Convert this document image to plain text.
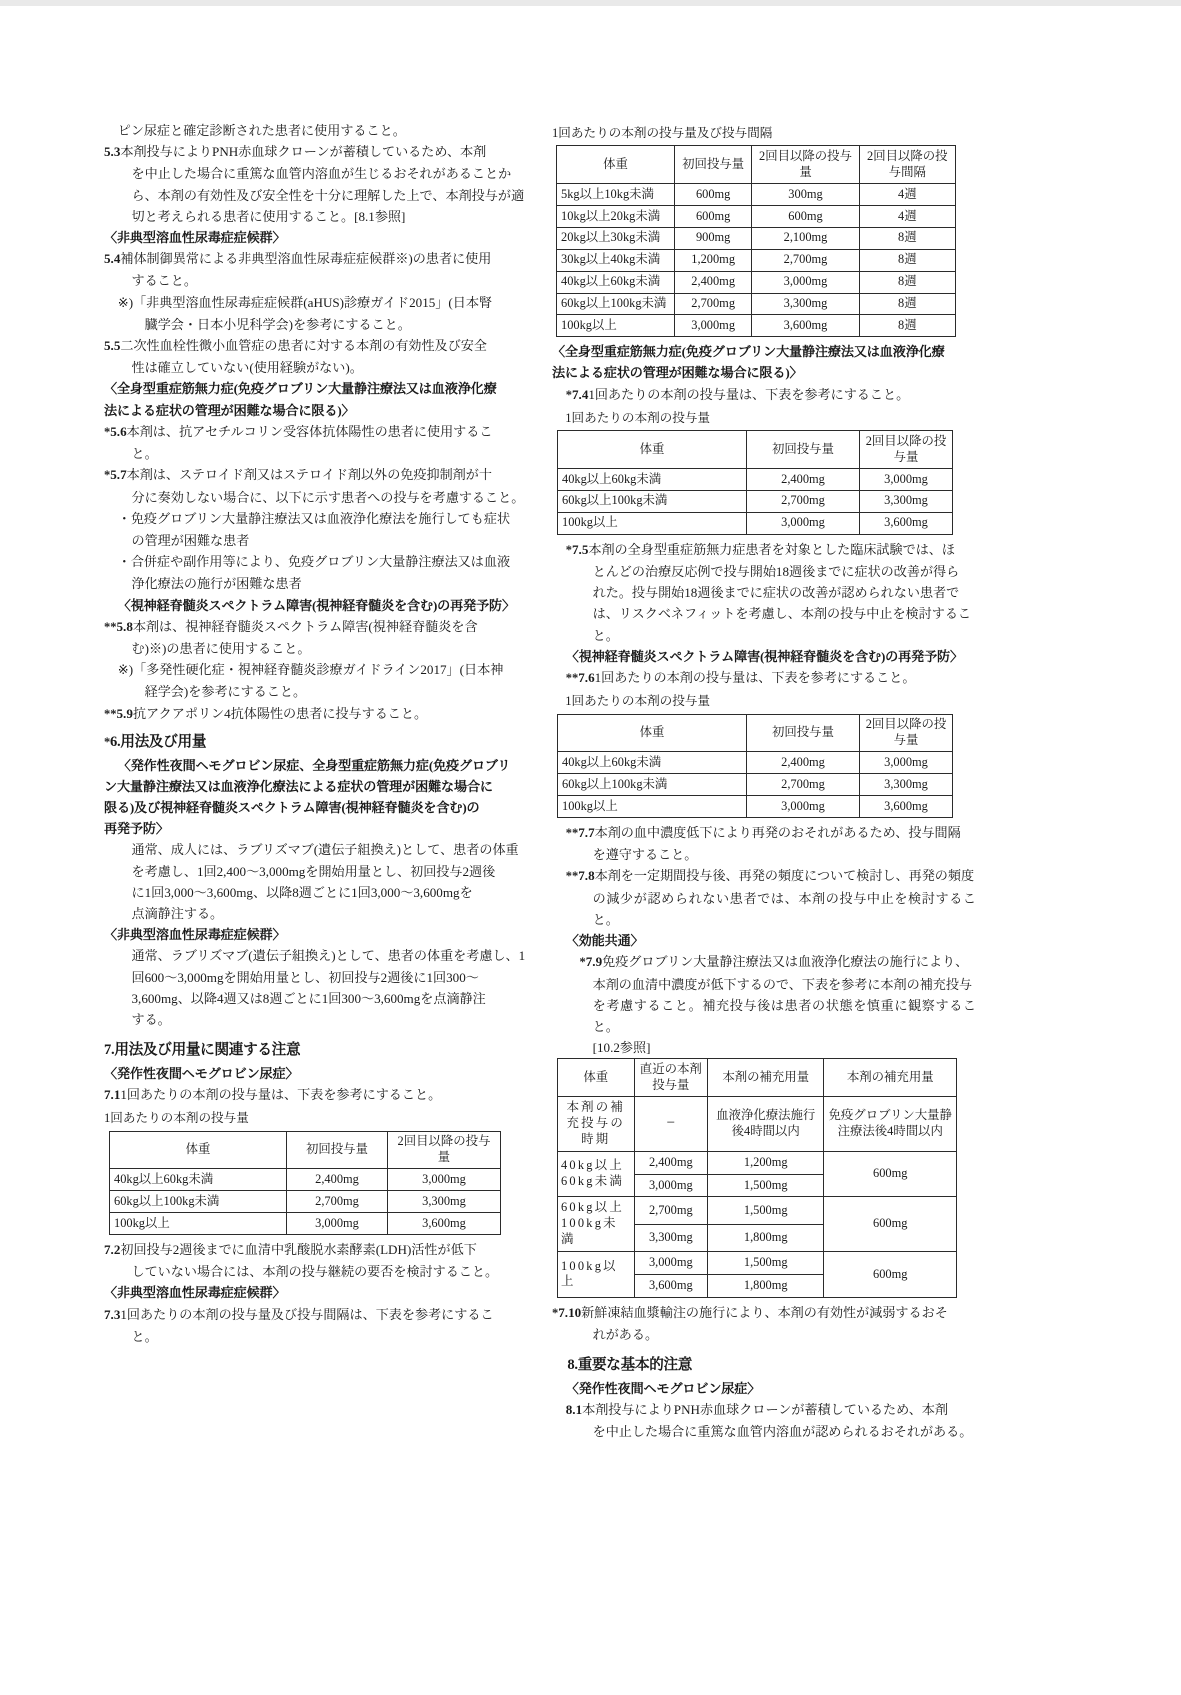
ピン尿症と確定診断された患者に使用すること。

5.3 本剤投与によりPNH赤血球クローンが蓄積しているため、本剤

を中止した場合に重篤な血管内溶血が生じるおそれがあることか

ら、本剤の有効性及び安全性を十分に理解した上で、本剤投与が適

切と考えられる患者に使用すること。[8.1参照]

〈非典型溶血性尿毒症症候群〉

5.4 補体制御異常による非典型溶血性尿毒症症候群※)の患者に使用

すること。

※) 「非典型溶血性尿毒症症候群(aHUS)診療ガイド2015」(日本腎

臓学会・日本小児科学会)を参考にすること。

5.5 二次性血栓性微小血管症の患者に対する本剤の有効性及び安全

性は確立していない(使用経験がない)。

〈全身型重症筋無力症(免疫グロブリン大量静注療法又は血液浄化療

法による症状の管理が困難な場合に限る)〉

*5.6 本剤は、抗アセチルコリン受容体抗体陽性の患者に使用するこ

と。

*5.7 本剤は、ステロイド剤又はステロイド剤以外の免疫抑制剤が十

分に奏効しない場合に、以下に示す患者への投与を考慮すること。

・ 免疫グロブリン大量静注療法又は血液浄化療法を施行しても症状

の管理が困難な患者

・ 合併症や副作用等により、免疫グロブリン大量静注療法又は血液

浄化療法の施行が困難な患者

〈視神経脊髄炎スペクトラム障害(視神経脊髄炎を含む)の再発予防〉

**5.8 本剤は、視神経脊髄炎スペクトラム障害(視神経脊髄炎を含

む)※)の患者に使用すること。

※) 「多発性硬化症・視神経脊髄炎診療ガイドライン2017」(日本神

経学会)を参考にすること。

**5.9 抗アクアポリン4抗体陽性の患者に投与すること。

*6.用法及び用量

〈発作性夜間ヘモグロビン尿症、全身型重症筋無力症(免疫グロブリ

ン大量静注療法又は血液浄化療法による症状の管理が困難な場合に

限る)及び視神経脊髄炎スペクトラム障害(視神経脊髄炎を含む)の

再発予防〉

通常、成人には、ラブリズマブ(遺伝子組換え)として、患者の体重

を考慮し、1回2,400〜3,000mgを開始用量とし、初回投与2週後

に1回3,000〜3,600mg、以降8週ごとに1回3,000〜3,600mgを

点滴静注する。

〈非典型溶血性尿毒症症候群〉

通常、ラブリズマブ(遺伝子組換え)として、患者の体重を考慮し、1

回600〜3,000mgを開始用量とし、初回投与2週後に1回300〜

3,600mg、以降4週又は8週ごとに1回300〜3,600mgを点滴静注

する。

7.用法及び用量に関連する注意

〈発作性夜間ヘモグロビン尿症〉

7.1 1回あたりの本剤の投与量は、下表を参考にすること。

1回あたりの本剤の投与量

体重	初回投与量	2回目以降の投与量
40kg以上60kg未満	2,400mg	3,000mg
60kg以上100kg未満	2,700mg	3,300mg
100kg以上	3,000mg	3,600mg
7.2 初回投与2週後までに血清中乳酸脱水素酵素(LDH)活性が低下

していない場合には、本剤の投与継続の要否を検討すること。

〈非典型溶血性尿毒症症候群〉

7.3 1回あたりの本剤の投与量及び投与間隔は、下表を参考にするこ

と。

1回あたりの本剤の投与量及び投与間隔

体重	初回投与量	2回目以降の投与量	2回目以降の投与間隔
5kg以上10kg未満	600mg	300mg	4週
10kg以上20kg未満	600mg	600mg	4週
20kg以上30kg未満	900mg	2,100mg	8週
30kg以上40kg未満	1,200mg	2,700mg	8週
40kg以上60kg未満	2,400mg	3,000mg	8週
60kg以上100kg未満	2,700mg	3,300mg	8週
100kg以上	3,000mg	3,600mg	8週

〈全身型重症筋無力症(免疫グロブリン大量静注療法又は血液浄化療

法による症状の管理が困難な場合に限る)〉

*7.4 1回あたりの本剤の投与量は、下表を参考にすること。

1回あたりの本剤の投与量

体重	初回投与量	2回目以降の投与量
40kg以上60kg未満	2,400mg	3,000mg
60kg以上100kg未満	2,700mg	3,300mg
100kg以上	3,000mg	3,600mg
*7.5 本剤の全身型重症筋無力症患者を対象とした臨床試験では、ほ

とんどの治療反応例で投与開始18週後までに症状の改善が得ら

れた。投与開始18週後までに症状の改善が認められない患者で

は、リスクベネフィットを考慮し、本剤の投与中止を検討するこ

と。

〈視神経脊髄炎スペクトラム障害(視神経脊髄炎を含む)の再発予防〉

**7.6 1回あたりの本剤の投与量は、下表を参考にすること。

1回あたりの本剤の投与量

体重	初回投与量	2回目以降の投与量
40kg以上60kg未満	2,400mg	3,000mg
60kg以上100kg未満	2,700mg	3,300mg
100kg以上	3,000mg	3,600mg
**7.7 本剤の血中濃度低下により再発のおそれがあるため、投与間隔

を遵守すること。

**7.8 本剤を一定期間投与後、再発の頻度について検討し、再発の頻度

の減少が認められない患者では、本剤の投与中止を検討すること。

〈効能共通〉

*7.9 免疫グロブリン大量静注療法又は血液浄化療法の施行により、

本剤の血清中濃度が低下するので、下表を参考に本剤の補充投与

を考慮すること。補充投与後は患者の状態を慎重に観察すること。

[10.2参照]

体重	直近の本剤投与量	本剤の補充用量	本剤の補充用量
本剤の補充投与の時期	−	血液浄化療法施行後4時間以内	免疫グロブリン大量静注療法後4時間以内
40kg以上60kg未満	2,400mg	1,200mg	600mg
	3,000mg	1,500mg	
60kg以上100kg未満	2,700mg	1,500mg	600mg
	3,300mg	1,800mg	
100kg以上	3,000mg	1,500mg	600mg
	3,600mg	1,800mg	
*7.10 新鮮凍結血漿輸注の施行により、本剤の有効性が減弱するおそ

れがある。

8.重要な基本的注意

〈発作性夜間ヘモグロビン尿症〉

8.1 本剤投与によりPNH赤血球クローンが蓄積しているため、本剤

を中止した場合に重篤な血管内溶血が認められるおそれがある。
